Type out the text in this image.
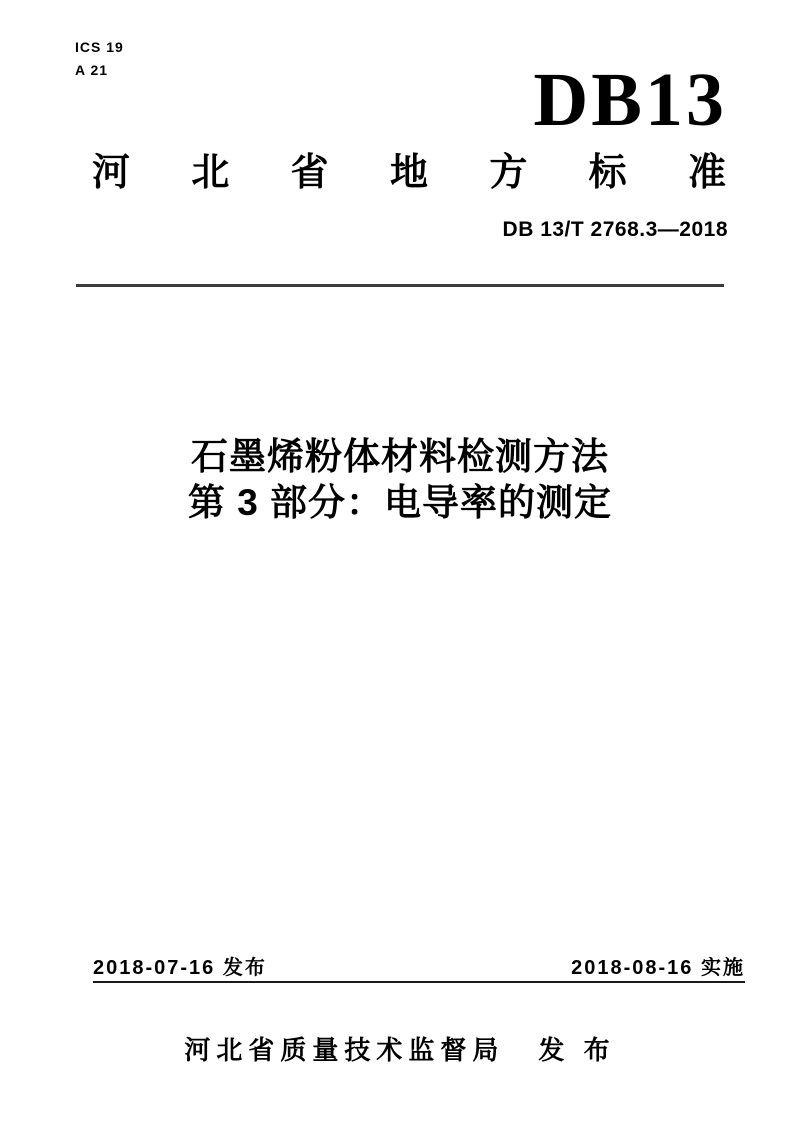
ICS 19
A 21	DB13
河 北 省 地 方 标 准
DB 13/T 2768.3—2018
石墨烯粉体材料检测方法
第 3 部分：电导率的测定
2018-07-16 发布	2018-08-16 实施
河北省质量技术监督局 发 布
